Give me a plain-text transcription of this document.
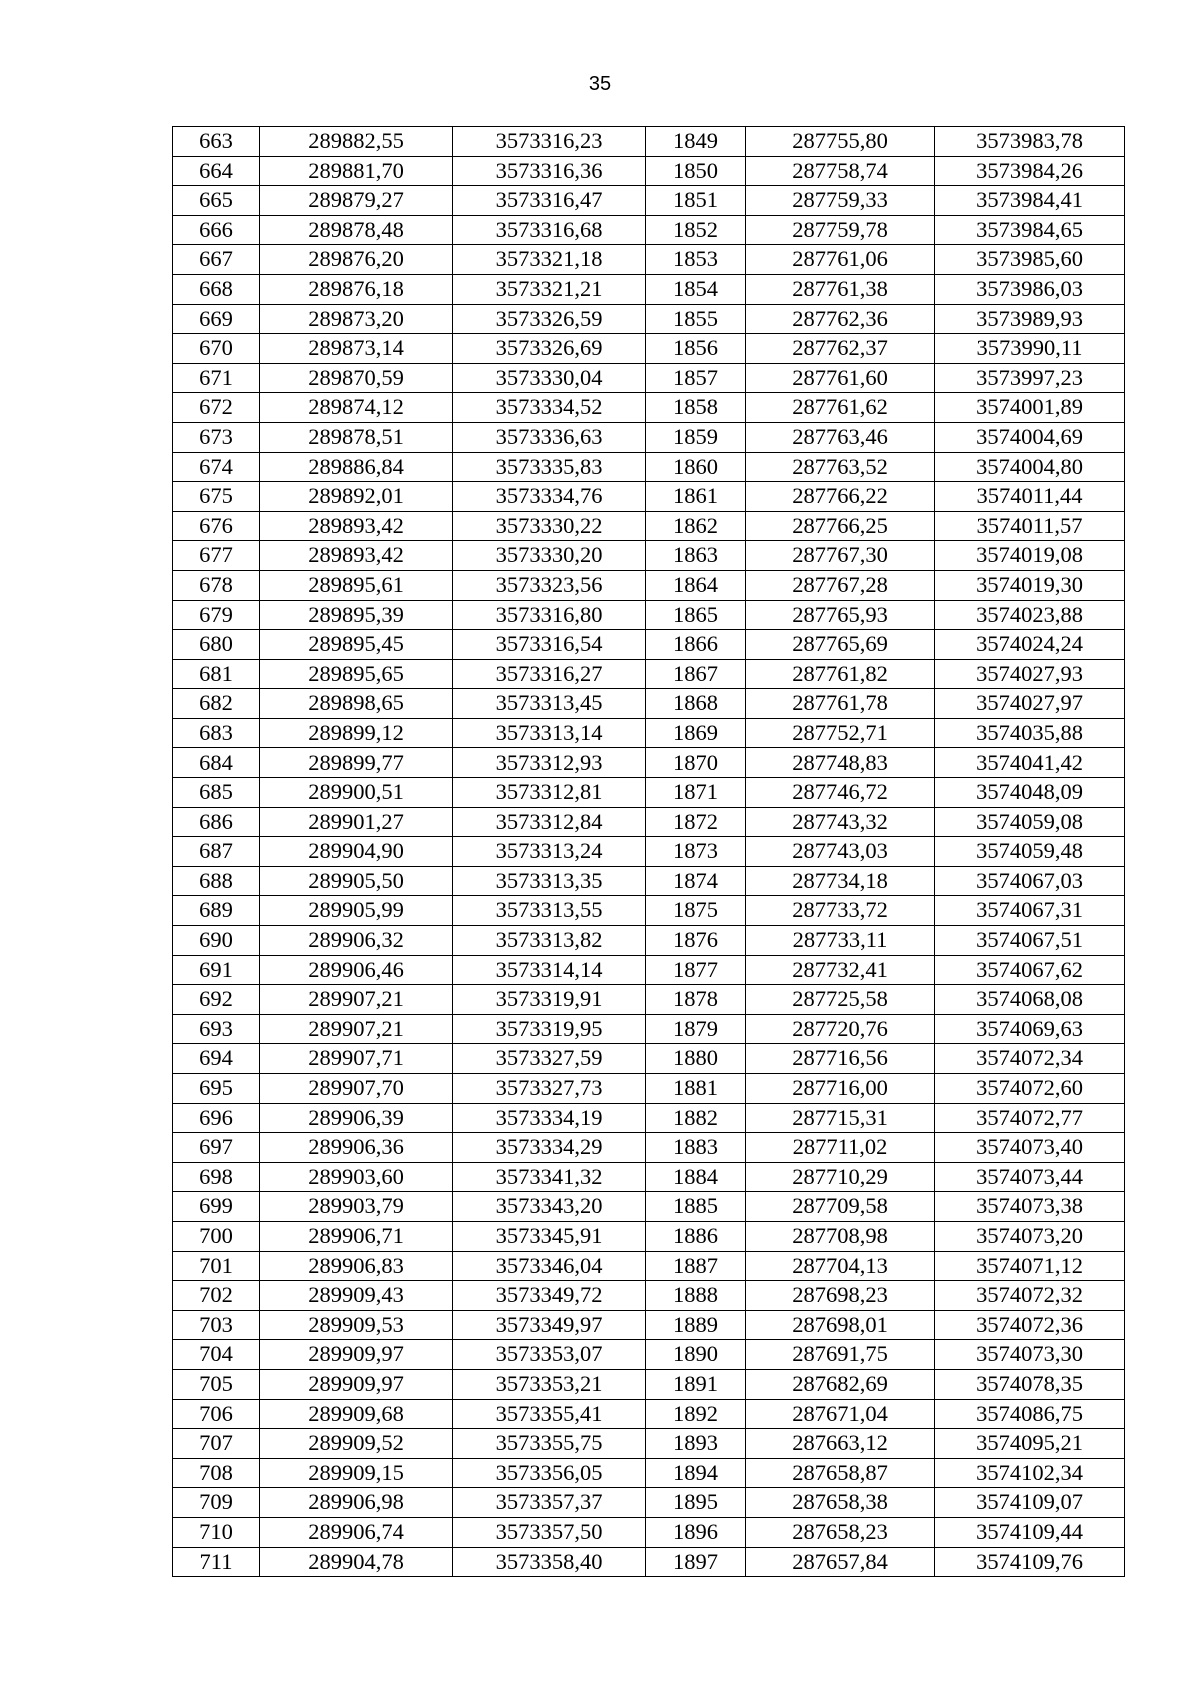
35
663	289882,55	3573316,23	1849	287755,80	3573983,78
664	289881,70	3573316,36	1850	287758,74	3573984,26
665	289879,27	3573316,47	1851	287759,33	3573984,41
666	289878,48	3573316,68	1852	287759,78	3573984,65
667	289876,20	3573321,18	1853	287761,06	3573985,60
668	289876,18	3573321,21	1854	287761,38	3573986,03
669	289873,20	3573326,59	1855	287762,36	3573989,93
670	289873,14	3573326,69	1856	287762,37	3573990,11
671	289870,59	3573330,04	1857	287761,60	3573997,23
672	289874,12	3573334,52	1858	287761,62	3574001,89
673	289878,51	3573336,63	1859	287763,46	3574004,69
674	289886,84	3573335,83	1860	287763,52	3574004,80
675	289892,01	3573334,76	1861	287766,22	3574011,44
676	289893,42	3573330,22	1862	287766,25	3574011,57
677	289893,42	3573330,20	1863	287767,30	3574019,08
678	289895,61	3573323,56	1864	287767,28	3574019,30
679	289895,39	3573316,80	1865	287765,93	3574023,88
680	289895,45	3573316,54	1866	287765,69	3574024,24
681	289895,65	3573316,27	1867	287761,82	3574027,93
682	289898,65	3573313,45	1868	287761,78	3574027,97
683	289899,12	3573313,14	1869	287752,71	3574035,88
684	289899,77	3573312,93	1870	287748,83	3574041,42
685	289900,51	3573312,81	1871	287746,72	3574048,09
686	289901,27	3573312,84	1872	287743,32	3574059,08
687	289904,90	3573313,24	1873	287743,03	3574059,48
688	289905,50	3573313,35	1874	287734,18	3574067,03
689	289905,99	3573313,55	1875	287733,72	3574067,31
690	289906,32	3573313,82	1876	287733,11	3574067,51
691	289906,46	3573314,14	1877	287732,41	3574067,62
692	289907,21	3573319,91	1878	287725,58	3574068,08
693	289907,21	3573319,95	1879	287720,76	3574069,63
694	289907,71	3573327,59	1880	287716,56	3574072,34
695	289907,70	3573327,73	1881	287716,00	3574072,60
696	289906,39	3573334,19	1882	287715,31	3574072,77
697	289906,36	3573334,29	1883	287711,02	3574073,40
698	289903,60	3573341,32	1884	287710,29	3574073,44
699	289903,79	3573343,20	1885	287709,58	3574073,38
700	289906,71	3573345,91	1886	287708,98	3574073,20
701	289906,83	3573346,04	1887	287704,13	3574071,12
702	289909,43	3573349,72	1888	287698,23	3574072,32
703	289909,53	3573349,97	1889	287698,01	3574072,36
704	289909,97	3573353,07	1890	287691,75	3574073,30
705	289909,97	3573353,21	1891	287682,69	3574078,35
706	289909,68	3573355,41	1892	287671,04	3574086,75
707	289909,52	3573355,75	1893	287663,12	3574095,21
708	289909,15	3573356,05	1894	287658,87	3574102,34
709	289906,98	3573357,37	1895	287658,38	3574109,07
710	289906,74	3573357,50	1896	287658,23	3574109,44
711	289904,78	3573358,40	1897	287657,84	3574109,76
